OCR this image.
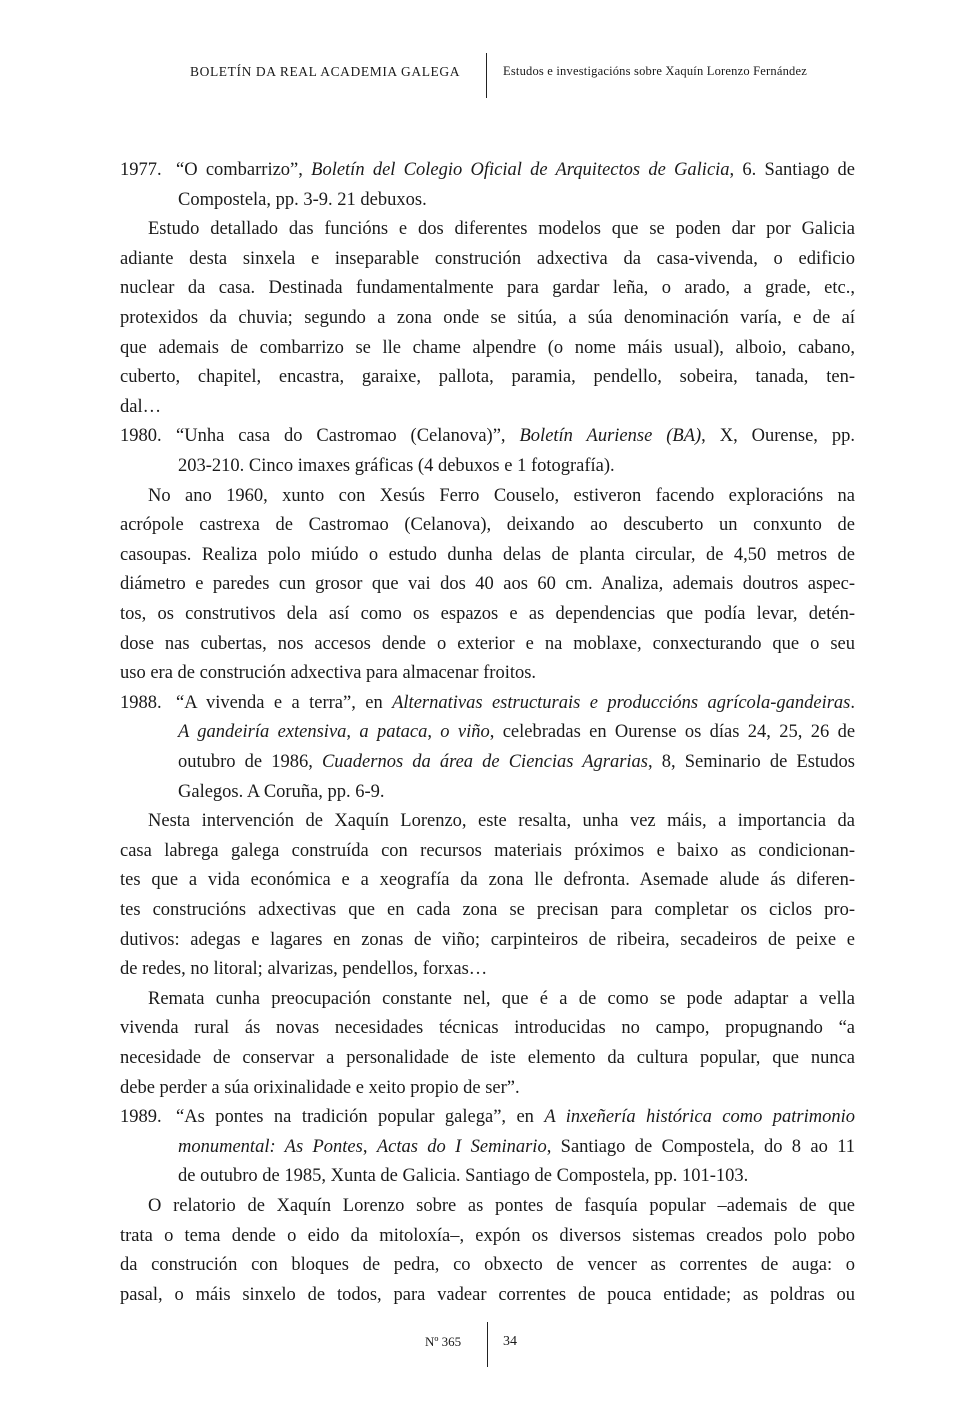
BOLETÍN DA REAL ACADEMIA GALEGA	Estudos e investigacións sobre Xaquín Lorenzo Fernández
1977. “O combarrizo”, Boletín del Colegio Oficial de Arquitectos de Galicia, 6. Santiago de
Compostela, pp. 3-9. 21 debuxos.
Estudo detallado das funcións e dos diferentes modelos que se poden dar por Galicia
adiante desta sinxela e inseparable construción adxectiva da casa-vivenda, o edificio
nuclear da casa. Destinada fundamentalmente para gardar leña, o arado, a grade, etc.,
protexidos da chuvia; segundo a zona onde se sitúa, a súa denominación varía, e de aí
que ademais de combarrizo se lle chame alpendre (o nome máis usual), alboio, cabano,
cuberto, chapitel, encastra, garaixe, pallota, paramia, pendello, sobeira, tanada, ten-
dal…
1980. “Unha casa do Castromao (Celanova)”, Boletín Auriense (BA), X, Ourense, pp.
203-210. Cinco imaxes gráficas (4 debuxos e 1 fotografía).
No ano 1960, xunto con Xesús Ferro Couselo, estiveron facendo exploracións na
acrópole castrexa de Castromao (Celanova), deixando ao descuberto un conxunto de
casoupas. Realiza polo miúdo o estudo dunha delas de planta circular, de 4,50 metros de
diámetro e paredes cun grosor que vai dos 40 aos 60 cm. Analiza, ademais doutros aspec-
tos, os construtivos dela así como os espazos e as dependencias que podía levar, detén-
dose nas cubertas, nos accesos dende o exterior e na moblaxe, conxecturando que o seu
uso era de construción adxectiva para almacenar froitos.
1988. “A vivenda e a terra”, en Alternativas estructurais e produccións agrícola-gandeiras.
A gandeiría extensiva, a pataca, o viño, celebradas en Ourense os días 24, 25, 26 de
outubro de 1986, Cuadernos da área de Ciencias Agrarias, 8, Seminario de Estudos
Galegos. A Coruña, pp. 6-9.
Nesta intervención de Xaquín Lorenzo, este resalta, unha vez máis, a importancia da
casa labrega galega construída con recursos materiais próximos e baixo as condicionan-
tes que a vida económica e a xeografía da zona lle defronta. Asemade alude ás diferen-
tes construcións adxectivas que en cada zona se precisan para completar os ciclos pro-
dutivos: adegas e lagares en zonas de viño; carpinteiros de ribeira, secadeiros de peixe e
de redes, no litoral; alvarizas, pendellos, forxas…
Remata cunha preocupación constante nel, que é a de como se pode adaptar a vella
vivenda rural ás novas necesidades técnicas introducidas no campo, propugnando “a
necesidade de conservar a personalidade de iste elemento da cultura popular, que nunca
debe perder a súa orixinalidade e xeito propio de ser”.
1989. “As pontes na tradición popular galega”, en A inxeñería histórica como patrimonio
monumental: As Pontes, Actas do I Seminario, Santiago de Compostela, do 8 ao 11
de outubro de 1985, Xunta de Galicia. Santiago de Compostela, pp. 101-103.
O relatorio de Xaquín Lorenzo sobre as pontes de fasquía popular –ademais de que
trata o tema dende o eido da mitoloxía–, expón os diversos sistemas creados polo pobo
da construción con bloques de pedra, co obxecto de vencer as correntes de auga: o
pasal, o máis sinxelo de todos, para vadear correntes de pouca entidade; as poldras ou
Nº 365	34
